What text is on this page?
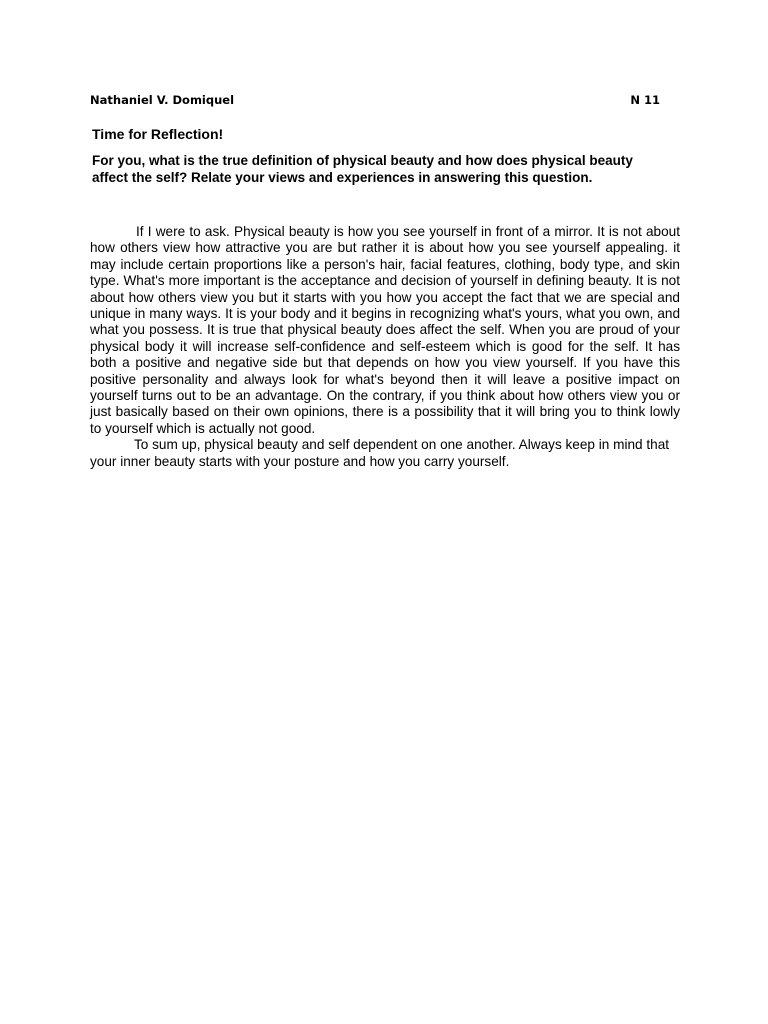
Nathaniel V. Domiquel	N 11
Time for Reflection!
For you, what is the true definition of physical beauty and how does physical beauty affect the self? Relate your views and experiences in answering this question.

If I were to ask. Physical beauty is how you see yourself in front of a mirror. It is not about how others view how attractive you are but rather it is about how you see yourself appealing. it may include certain proportions like a person's hair, facial features, clothing, body type, and skin type. What's more important is the acceptance and decision of yourself in defining beauty. It is not about how others view you but it starts with you how you accept the fact that we are special and unique in many ways. It is your body and it begins in recognizing what's yours, what you own, and what you possess. It is true that physical beauty does affect the self. When you are proud of your physical body it will increase self-confidence and self-esteem which is good for the self. It has both a positive and negative side but that depends on how you view yourself. If you have this positive personality and always look for what's beyond then it will leave a positive impact on yourself turns out to be an advantage. On the contrary, if you think about how others view you or just basically based on their own opinions, there is a possibility that it will bring you to think lowly to yourself which is actually not good.

To sum up, physical beauty and self dependent on one another. Always keep in mind that your inner beauty starts with your posture and how you carry yourself.
